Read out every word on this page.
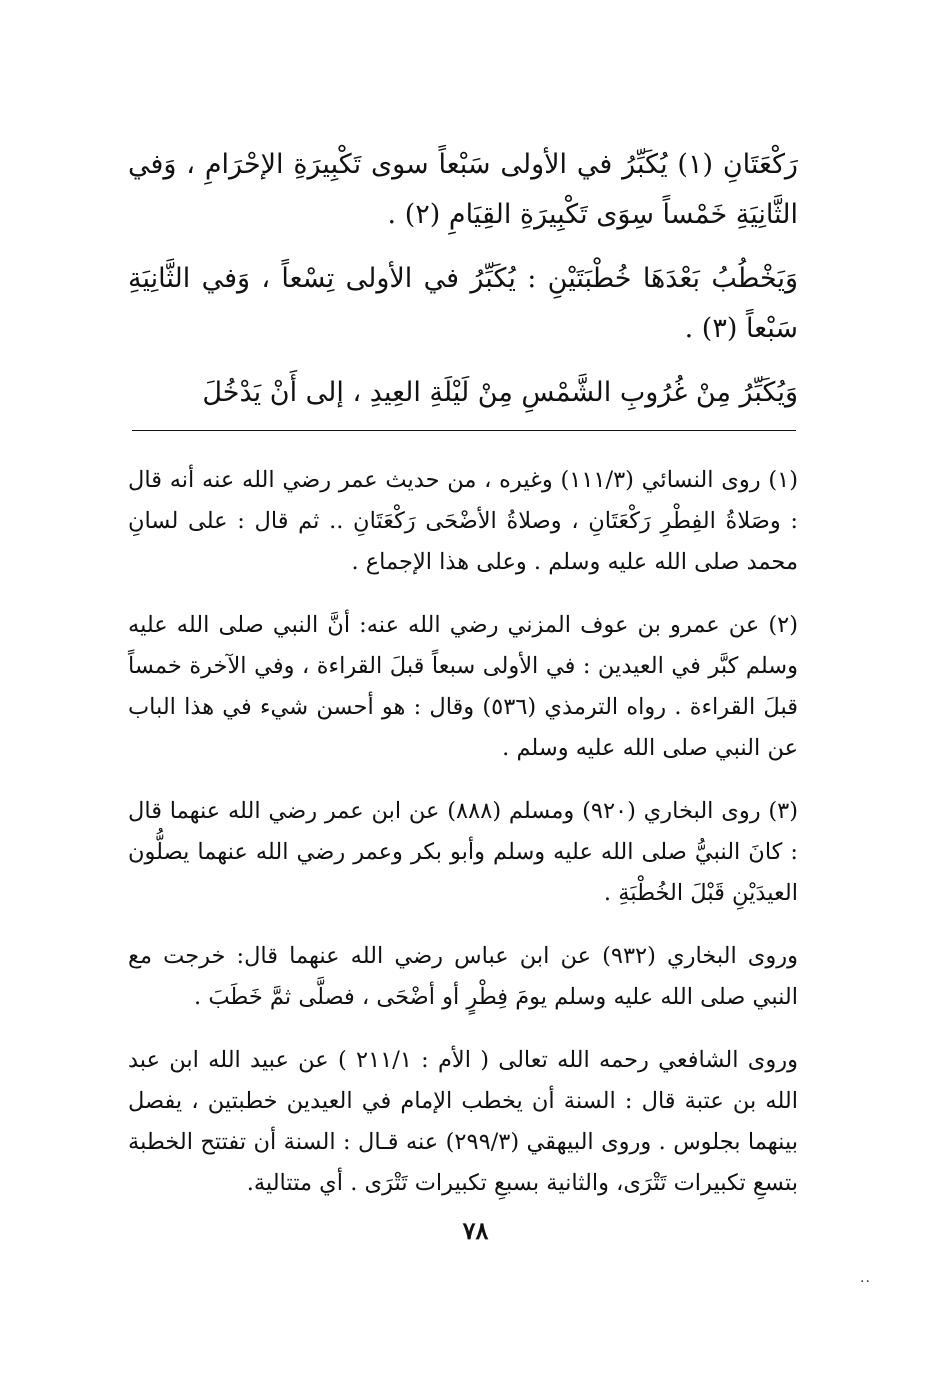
رَكْعَتَانِ (١) يُكَبِّرُ في الأولى سَبْعاً سوى تَكْبِيرَةِ الإحْرَامِ ، وَفي الثَّانِيَةِ خَمْساً سِوَى تَكْبِيرَةِ القِيَامِ (٢) .

وَيَخْطُبُ بَعْدَهَا خُطْبَتَيْنِ : يُكَبِّرُ في الأولى تِسْعاً ، وَفي الثَّانِيَةِ سَبْعاً (٣) .

وَيُكَبِّرُ مِنْ غُرُوبِ الشَّمْسِ مِنْ لَيْلَةِ العِيدِ ، إلى أَنْ يَدْخُلَ

(١) روى النسائي (١١١/٣) وغيره ، من حديث عمر رضي الله عنه أنه قال : وصَلاةُ الفِطْرِ رَكْعَتَانِ ، وصلاةُ الأضْحَى رَكْعَتَانِ .. ثم قال : على لسانِ محمد صلى الله عليه وسلم . وعلى هذا الإجماع .

(٢) عن عمرو بن عوف المزني رضي الله عنه: أنَّ النبي صلى الله عليه وسلم كبَّر في العيدين : في الأولى سبعاً قبلَ القراءة ، وفي الآخرة خمساً قبلَ القراءة . رواه الترمذي (٥٣٦) وقال : هو أحسن شيء في هذا الباب عن النبي صلى الله عليه وسلم .

(٣) روى البخاري (٩٢٠) ومسلم (٨٨٨) عن ابن عمر رضي الله عنهما قال : كانَ النبيُّ صلى الله عليه وسلم وأبو بكر وعمر رضي الله عنهما يصلُّون العيدَيْنِ قَبْلَ الخُطْبَةِ .

وروى البخاري (٩٣٢) عن ابن عباس رضي الله عنهما قال: خرجت مع النبي صلى الله عليه وسلم يومَ فِطْرٍ أو أضْحَى ، فصلَّى ثمَّ خَطَبَ .

وروى الشافعي رحمه الله تعالى ( الأم : ٢١١/١ ) عن عبيد الله ابن عبد الله بن عتبة قال : السنة أن يخطب الإمام في العيدين خطبتين ، يفصل بينهما بجلوس . وروى البيهقي (٢٩٩/٣) عنه قـال : السنة أن تفتتح الخطبة بتسعِ تكبيرات تَتْرَى، والثانية بسبعِ تكبيرات تَتْرَى . أي متتالية.

٧٨
..
